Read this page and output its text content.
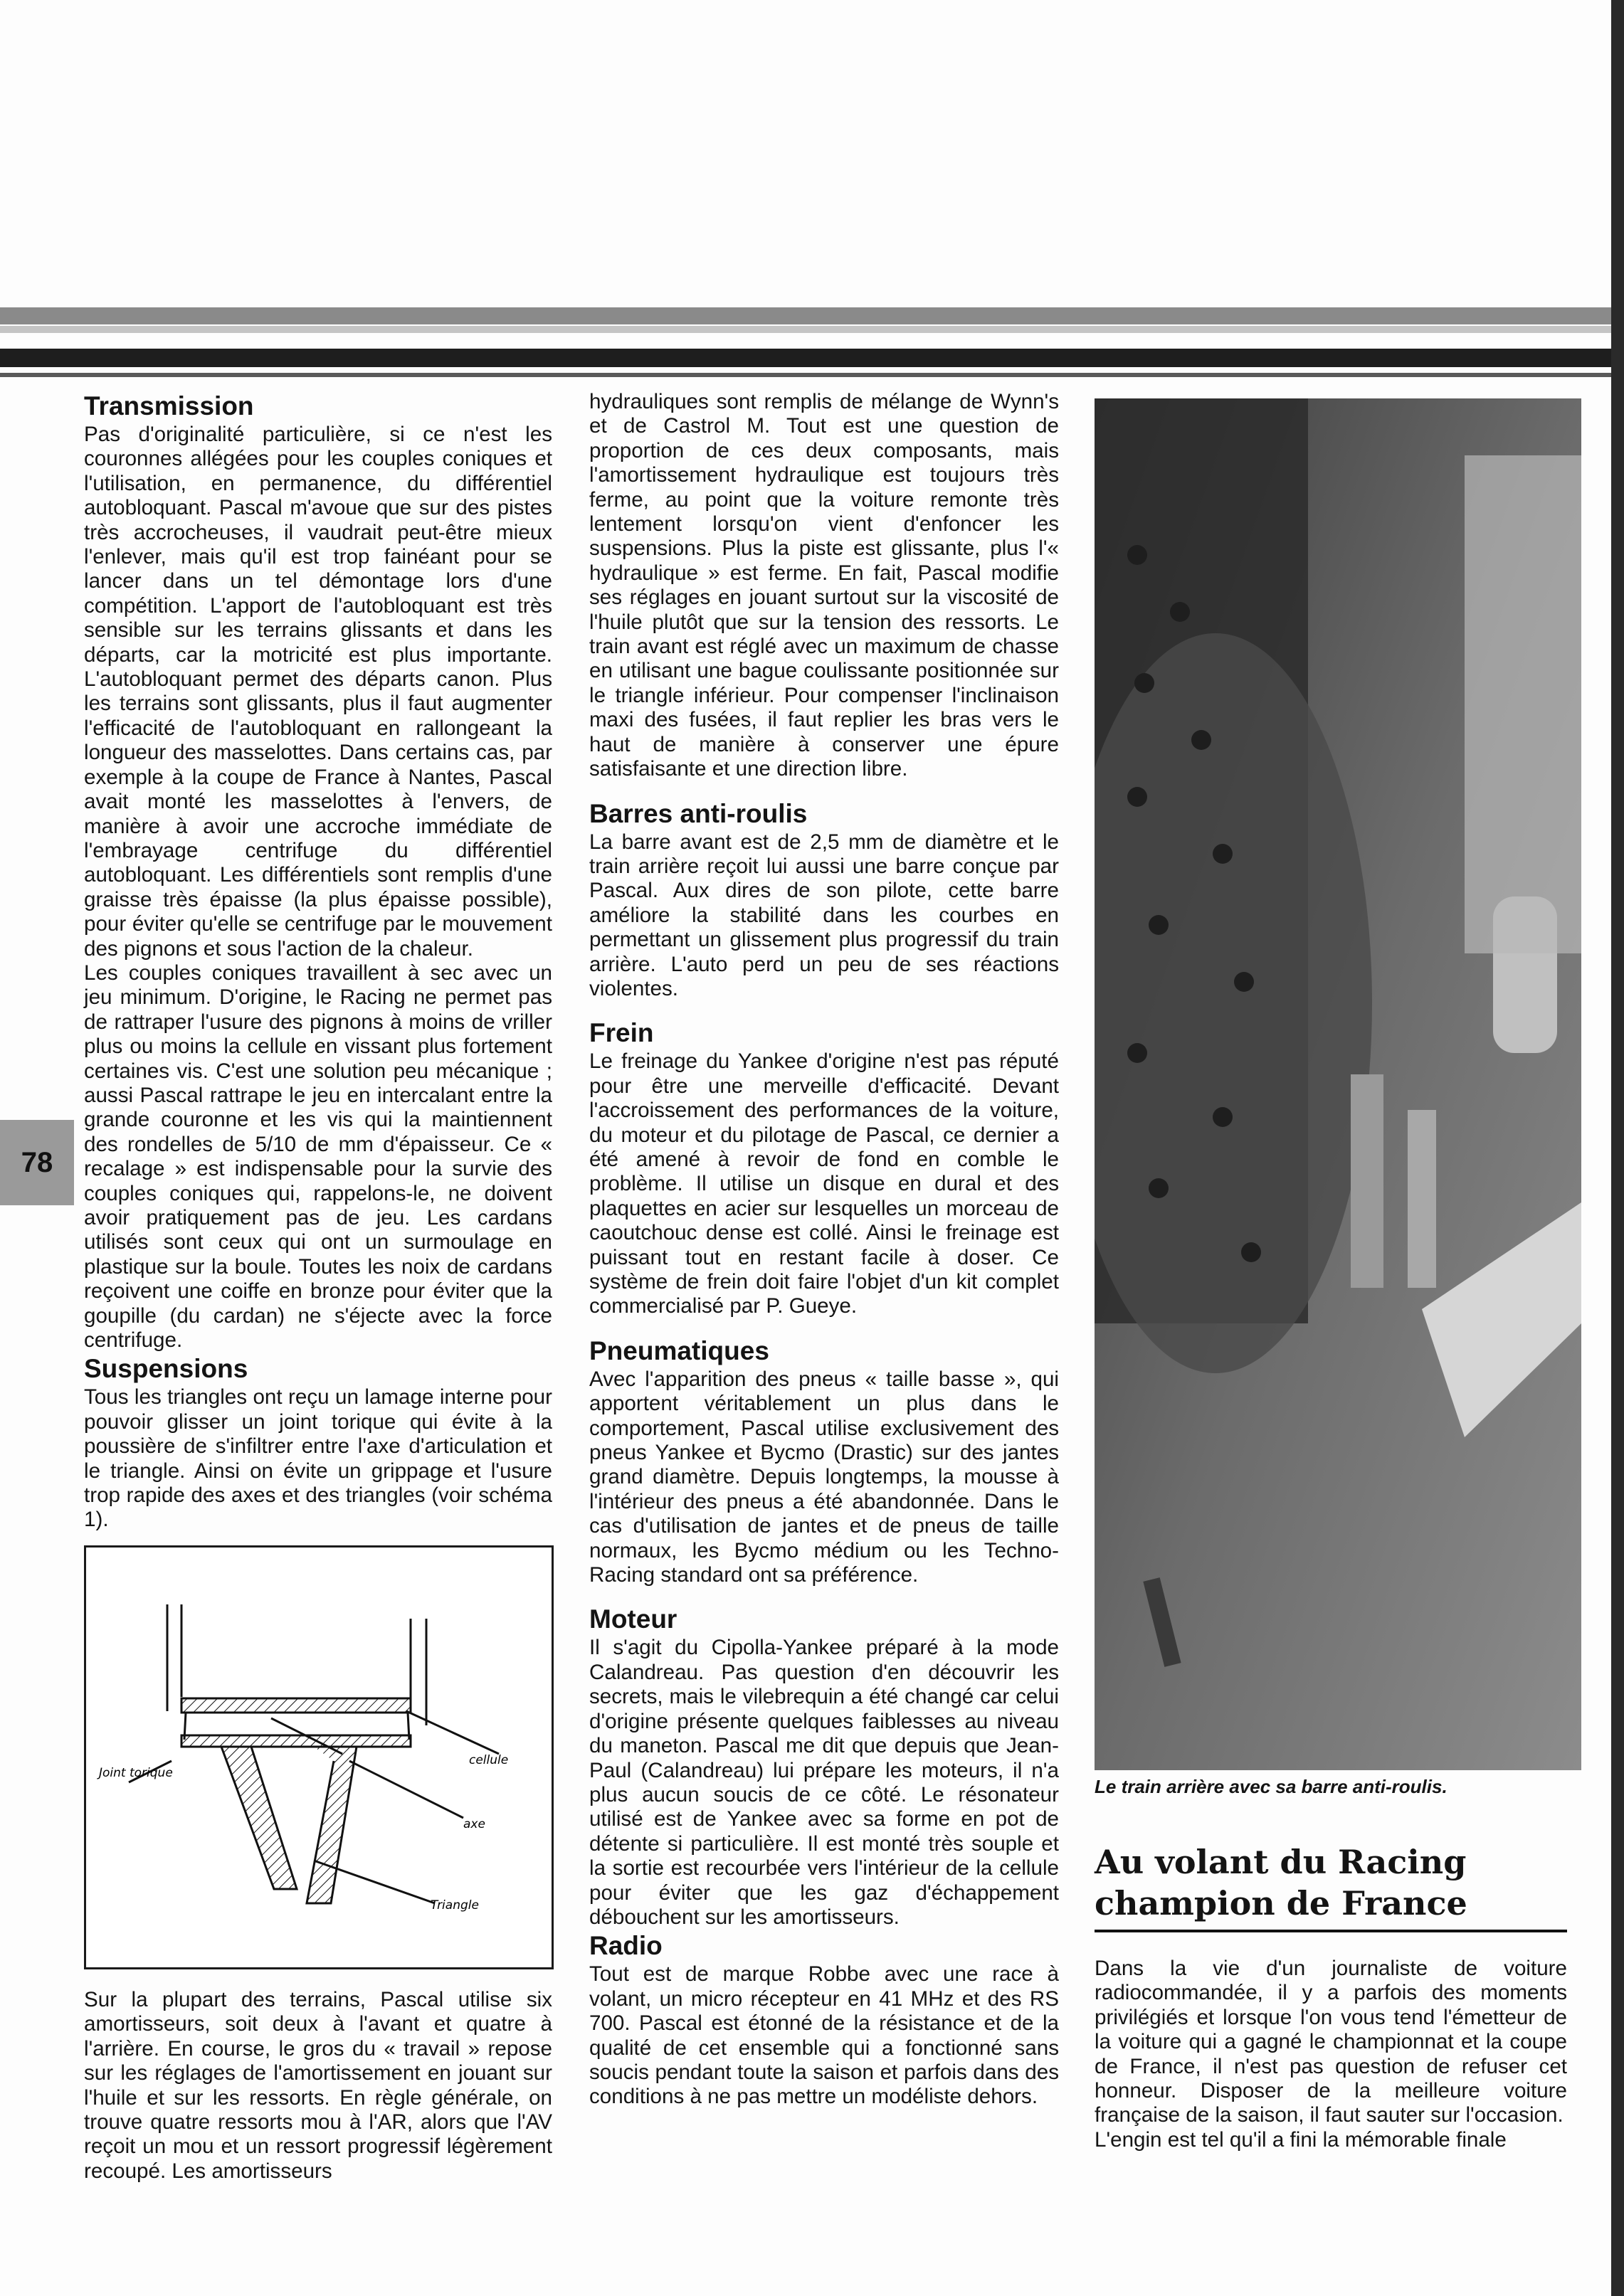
78
Transmission

Pas d'originalité particulière, si ce n'est les couronnes allégées pour les couples coniques et l'utilisation, en permanence, du différentiel autobloquant. Pascal m'avoue que sur des pistes très accrocheuses, il vaudrait peut-être mieux l'enlever, mais qu'il est trop fainéant pour se lancer dans un tel démontage lors d'une compétition. L'apport de l'autobloquant est très sensible sur les terrains glissants et dans les départs, car la motricité est plus importante. L'autobloquant permet des départs canon. Plus les terrains sont glissants, plus il faut augmenter l'efficacité de l'autobloquant en rallongeant la longueur des masselottes. Dans certains cas, par exemple à la coupe de France à Nantes, Pascal avait monté les masselottes à l'envers, de manière à avoir une accroche immédiate de l'embrayage centrifuge du différentiel autobloquant. Les différentiels sont remplis d'une graisse très épaisse (la plus épaisse possible), pour éviter qu'elle se centrifuge par le mouvement des pignons et sous l'action de la chaleur.

Les couples coniques travaillent à sec avec un jeu minimum. D'origine, le Racing ne permet pas de rattraper l'usure des pignons à moins de vriller plus ou moins la cellule en vissant plus fortement certaines vis. C'est une solution peu mécanique ; aussi Pascal rattrape le jeu en intercalant entre la grande couronne et les vis qui la maintiennent des rondelles de 5/10 de mm d'épaisseur. Ce « recalage » est indispensable pour la survie des couples coniques qui, rappelons-le, ne doivent avoir pratiquement pas de jeu. Les cardans utilisés sont ceux qui ont un surmoulage en plastique sur la boule. Toutes les noix de cardans reçoivent une coiffe en bronze pour éviter que la goupille (du cardan) ne s'éjecte avec la force centrifuge.

Suspensions

Tous les triangles ont reçu un lamage interne pour pouvoir glisser un joint torique qui évite à la poussière de s'infiltrer entre l'axe d'articulation et le triangle. Ainsi on évite un grippage et l'usure trop rapide des axes et des triangles (voir schéma 1).

Joint torique
cellule
axe
Triangle

Sur la plupart des terrains, Pascal utilise six amortisseurs, soit deux à l'avant et quatre à l'arrière. En course, le gros du « travail » repose sur les réglages de l'amortissement en jouant sur l'huile et sur les ressorts. En règle générale, on trouve quatre ressorts mou à l'AR, alors que l'AV reçoit un mou et un ressort progressif légèrement recoupé. Les amortisseurs

hydrauliques sont remplis de mélange de Wynn's et de Castrol M. Tout est une question de proportion de ces deux composants, mais l'amortissement hydraulique est toujours très ferme, au point que la voiture remonte très lentement lorsqu'on vient d'enfoncer les suspensions. Plus la piste est glissante, plus l'« hydraulique » est ferme. En fait, Pascal modifie ses réglages en jouant surtout sur la viscosité de l'huile plutôt que sur la tension des ressorts. Le train avant est réglé avec un maximum de chasse en utilisant une bague coulissante positionnée sur le triangle inférieur. Pour compenser l'inclinaison maxi des fusées, il faut replier les bras vers le haut de manière à conserver une épure satisfaisante et une direction libre.

Barres anti-roulis

La barre avant est de 2,5 mm de diamètre et le train arrière reçoit lui aussi une barre conçue par Pascal. Aux dires de son pilote, cette barre améliore la stabilité dans les courbes en permettant un glissement plus progressif du train arrière. L'auto perd un peu de ses réactions violentes.

Frein

Le freinage du Yankee d'origine n'est pas réputé pour être une merveille d'efficacité. Devant l'accroissement des performances de la voiture, du moteur et du pilotage de Pascal, ce dernier a été amené à revoir de fond en comble le problème. Il utilise un disque en dural et des plaquettes en acier sur lesquelles un morceau de caoutchouc dense est collé. Ainsi le freinage est puissant tout en restant facile à doser. Ce système de frein doit faire l'objet d'un kit complet commercialisé par P. Gueye.

Pneumatiques

Avec l'apparition des pneus « taille basse », qui apportent véritablement un plus dans le comportement, Pascal utilise exclusivement des pneus Yankee et Bycmo (Drastic) sur des jantes grand diamètre. Depuis longtemps, la mousse à l'intérieur des pneus a été abandonnée. Dans le cas d'utilisation de jantes et de pneus de taille normaux, les Bycmo médium ou les Techno-Racing standard ont sa préférence.

Moteur

Il s'agit du Cipolla-Yankee préparé à la mode Calandreau. Pas question d'en découvrir les secrets, mais le vilebrequin a été changé car celui d'origine présente quelques faiblesses au niveau du maneton. Pascal me dit que depuis que Jean-Paul (Calandreau) lui prépare les moteurs, il n'a plus aucun soucis de ce côté. Le résonateur utilisé est de Yankee avec sa forme en pot de détente si particulière. Il est monté très souple et la sortie est recourbée vers l'intérieur de la cellule pour éviter que les gaz d'échappement débouchent sur les amortisseurs.

Radio

Tout est de marque Robbe avec une race à volant, un micro récepteur en 41 MHz et des RS 700. Pascal est étonné de la résistance et de la qualité de cet ensemble qui a fonctionné sans soucis pendant toute la saison et parfois dans des conditions à ne pas mettre un modéliste dehors.

Le train arrière avec sa barre anti-roulis.
Au volant du Racing
champion de France

Dans la vie d'un journaliste de voiture radiocommandée, il y a parfois des moments privilégiés et lorsque l'on vous tend l'émetteur de la voiture qui a gagné le championnat et la coupe de France, il n'est pas question de refuser cet honneur. Disposer de la meilleure voiture française de la saison, il faut sauter sur l'occasion.

L'engin est tel qu'il a fini la mémorable finale
